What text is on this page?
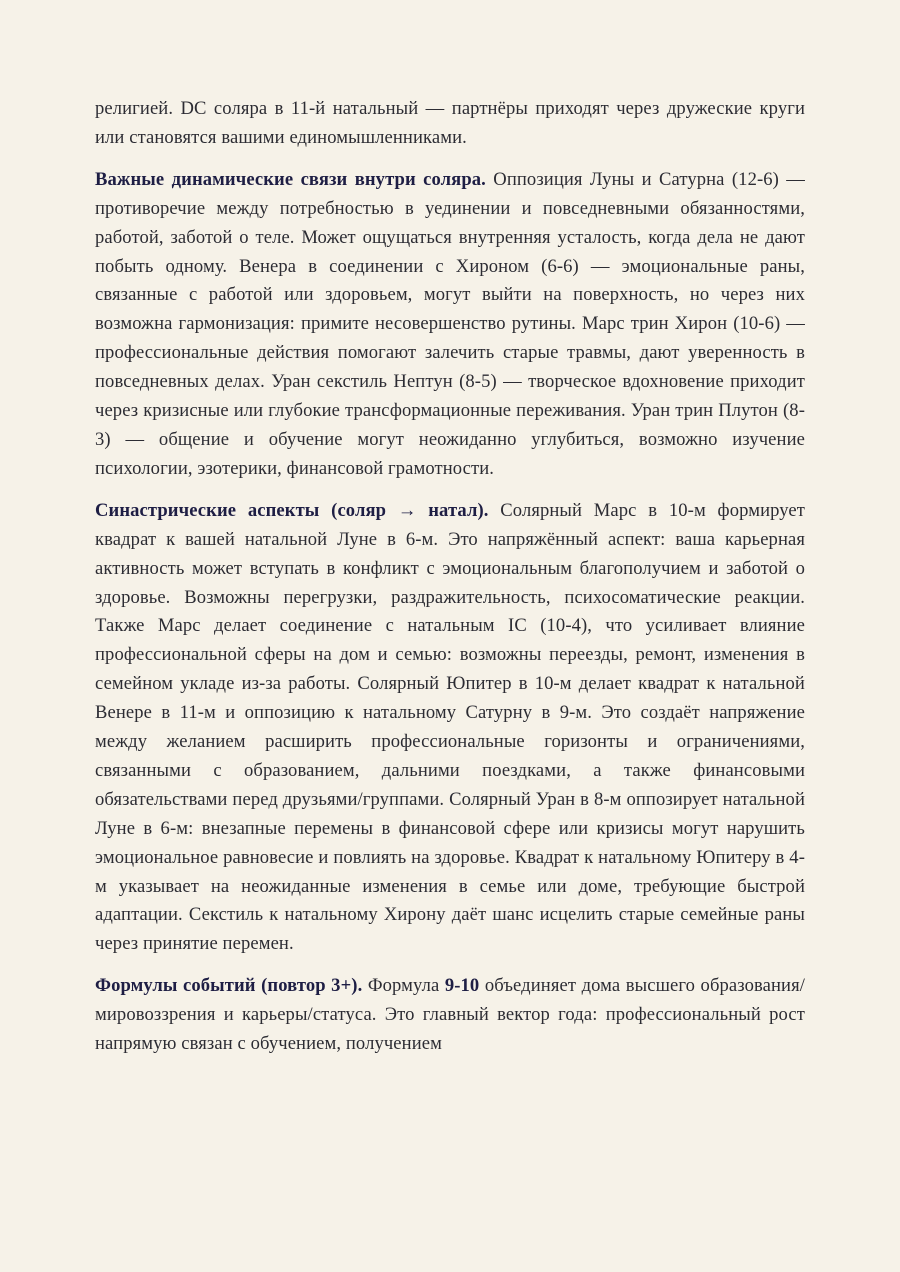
религией. DC соляра в 11-й натальный — партнёры приходят через дружеские круги или становятся вашими единомышленниками.

Важные динамические связи внутри соляра. Оппозиция Луны и Сатурна (12-6) — противоречие между потребностью в уединении и повседневными обязанностями, работой, заботой о теле. Может ощущаться внутренняя усталость, когда дела не дают побыть одному. Венера в соединении с Хироном (6-6) — эмоциональные раны, связанные с работой или здоровьем, могут выйти на поверхность, но через них возможна гармонизация: примите несовершенство рутины. Марс трин Хирон (10-6) — профессиональные действия помогают залечить старые травмы, дают уверенность в повседневных делах. Уран секстиль Нептун (8-5) — творческое вдохновение приходит через кризисные или глубокие трансформационные переживания. Уран трин Плутон (8-3) — общение и обучение могут неожиданно углубиться, возможно изучение психологии, эзотерики, финансовой грамотности.

Синастрические аспекты (соляр → натал). Солярный Марс в 10-м формирует квадрат к вашей натальной Луне в 6-м. Это напряжённый аспект: ваша карьерная активность может вступать в конфликт с эмоциональным благополучием и заботой о здоровье. Возможны перегрузки, раздражительность, психосоматические реакции. Также Марс делает соединение с натальным IC (10-4), что усиливает влияние профессиональной сферы на дом и семью: возможны переезды, ремонт, изменения в семейном укладе из-за работы. Солярный Юпитер в 10-м делает квадрат к натальной Венере в 11-м и оппозицию к натальному Сатурну в 9-м. Это создаёт напряжение между желанием расширить профессиональные горизонты и ограничениями, связанными с образованием, дальними поездками, а также финансовыми обязательствами перед друзьями/группами. Солярный Уран в 8-м оппозирует натальной Луне в 6-м: внезапные перемены в финансовой сфере или кризисы могут нарушить эмоциональное равновесие и повлиять на здоровье. Квадрат к натальному Юпитеру в 4-м указывает на неожиданные изменения в семье или доме, требующие быстрой адаптации. Секстиль к натальному Хирону даёт шанс исцелить старые семейные раны через принятие перемен.

Формулы событий (повтор 3+). Формула 9-10 объединяет дома высшего образования/мировоззрения и карьеры/статуса. Это главный вектор года: профессиональный рост напрямую связан с обучением, получением
